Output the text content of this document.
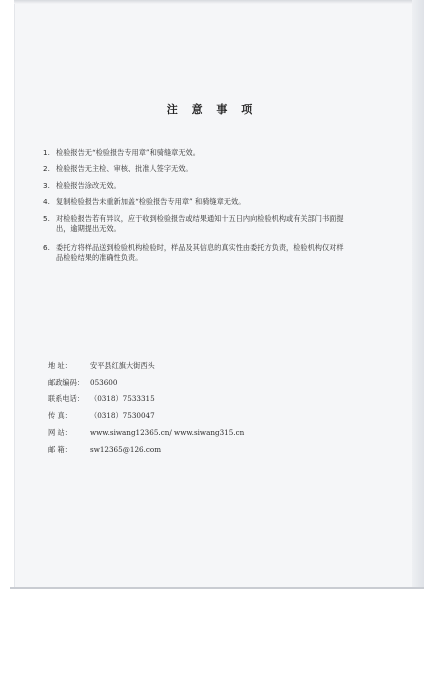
注 意 事 项
1. 检验报告无“检验报告专用章”和骑缝章无效。
2. 检验报告无主检、审核、批准人签字无效。
3. 检验报告涂改无效。
4. 复制检验报告未重新加盖“检验报告专用章” 和骑缝章无效。
5. 对检验报告若有异议，应于收到检验报告或结果通知十五日内向检验机构或有关部门书面提
出，逾期提出无效。
6. 委托方将样品送到检验机构检验时，样品及其信息的真实性由委托方负责，检验机构仅对样
品检验结果的准确性负责。
地 址：	安平县红旗大街西头
邮政编码： 053600
联系电话： （0318）7533315
传 真：	（0318）7530047
网 站：	www.siwang12365.cn/ www.siwang315.cn
邮 箱：	sw12365@126.com
